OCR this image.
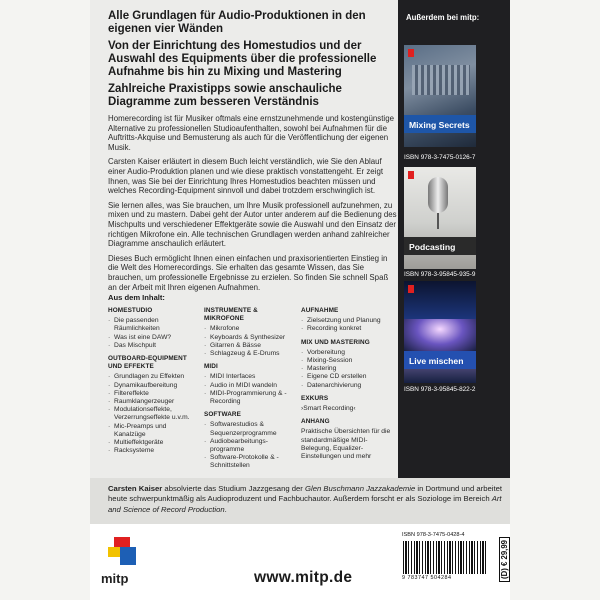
Alle Grundlagen für Audio-Produktionen in den eigenen vier Wänden

Von der Einrichtung des Homestudios und der Auswahl des Equipments über die professionelle Aufnahme bis hin zu Mixing und Mastering

Zahlreiche Praxistipps sowie anschauliche Diagramme zum besseren Verständnis

Homerecording ist für Musiker oftmals eine ernstzunehmende und kostengünstige Alternative zu professionellen Studioaufenthalten, sowohl bei Aufnahmen für die Auftritts-Akquise und Bemusterung als auch für die Veröffentlichung der eigenen Musik.

Carsten Kaiser erläutert in diesem Buch leicht verständlich, wie Sie den Ablauf einer Audio-Produktion planen und wie diese praktisch vonstattengeht. Er zeigt Ihnen, was Sie bei der Einrichtung Ihres Homestudios beachten müssen und welches Recording-Equipment sinnvoll und dabei trotzdem erschwinglich ist.

Sie lernen alles, was Sie brauchen, um Ihre Musik professionell aufzunehmen, zu mixen und zu mastern. Dabei geht der Autor unter anderem auf die Bedienung des Mischpults und verschiedener Effektgeräte sowie die Auswahl und den Einsatz der richtigen Mikrofone ein. Alle technischen Grundlagen werden anhand zahlreicher Diagramme anschaulich erläutert.

Dieses Buch ermöglicht Ihnen einen einfachen und praxisorientierten Einstieg in die Welt des Homerecordings. Sie erhalten das gesamte Wissen, das Sie brauchen, um professionelle Ergebnisse zu erzielen. So finden Sie schnell Spaß an der Arbeit mit Ihren eigenen Aufnahmen.

Aus dem Inhalt:
HOMESTUDIO
· Die passenden Räumlichkeiten
· Was ist eine DAW?
· Das Mischpult
OUTBOARD-EQUIPMENT UND EFFEKTE
· Grundlagen zu Effekten
· Dynamikaufbereitung
· Filtereffekte
· Raumklangerzeuger
· Modulationseffekte, Verzerrungseffekte u.v.m.
· Mic-Preamps und Kanalzüge
· Multieffektgeräte
· Racksysteme
INSTRUMENTE & MIKROFONE
· Mikrofone
· Keyboards & Synthesizer
· Gitarren & Bässe
· Schlagzeug & E-Drums
MIDI
· MIDI Interfaces
· Audio in MIDI wandeln
· MIDI-Programmierung & -Recording
SOFTWARE
· Softwarestudios & Sequenzerprogramme
· Audiobearbeitungs-programme
· Software-Protokolle & -Schnittstellen
AUFNAHME
· Zielsetzung und Planung
· Recording konkret
MIX UND MASTERING
· Vorbereitung
· Mixing-Session
· Mastering
· Eigene CD erstellen
· Datenarchivierung
EXKURS
›Smart Recording‹
ANHANG
Praktische Übersichten für die standardmäßige MIDI-Belegung, Equalizer-Einstellungen und mehr
Außerdem bei mitp:
Mixing Secrets
ISBN 978-3-7475-0126-7
Podcasting
ISBN 978-3-95845-935-9
Live mischen
ISBN 978-3-95845-822-2
Carsten Kaiser absolvierte das Studium Jazzgesang der Glen Buschmann Jazzakademie in Dortmund und arbeitet heute schwerpunktmäßig als Audioproduzent und Fachbuchautor. Außerdem forscht er als Soziologe im Bereich Art and Science of Record Production.
mitp	www.mitp.de
ISBN 978-3-7475-0428-4
9 783747 504284	(D) € 29,99
